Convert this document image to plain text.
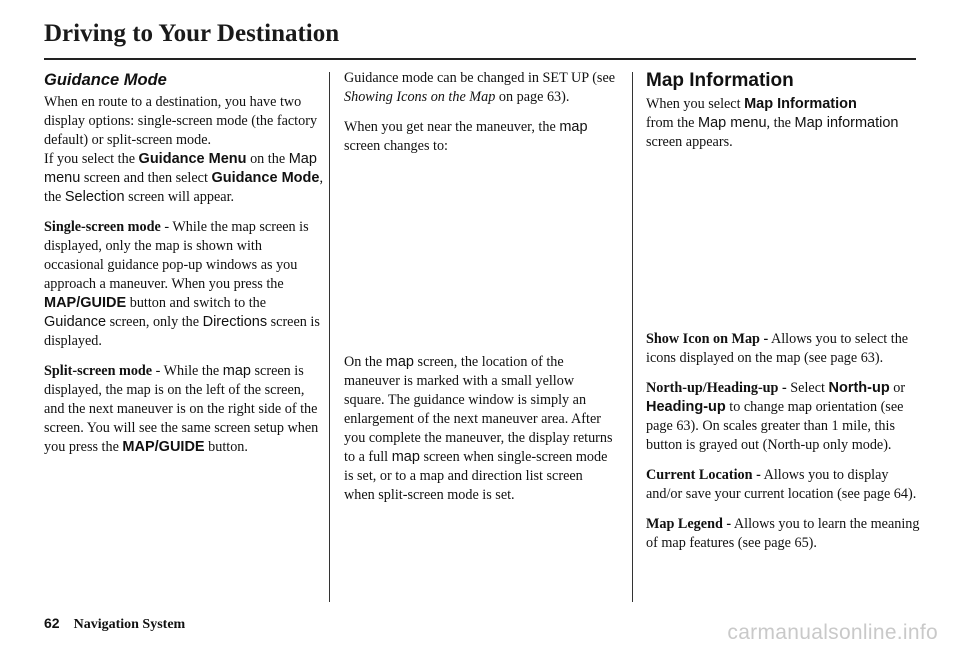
Driving to Your Destination
Guidance Mode

When en route to a destination, you have two display options: single-screen mode (the factory default) or split-screen mode.
If you select the Guidance Menu on the Map menu screen and then select Guidance Mode, the Selection screen will appear.

Single-screen mode - While the map screen is displayed, only the map is shown with occasional guidance pop-up windows as you approach a maneuver. When you press the MAP/GUIDE button and switch to the Guidance screen, only the Directions screen is displayed.

Split-screen mode - While the map screen is displayed, the map is on the left of the screen, and the next maneuver is on the right side of the screen. You will see the same screen setup when you press the MAP/GUIDE button.

Guidance mode can be changed in SET UP (see Showing Icons on the Map on page 63).

When you get near the maneuver, the map screen changes to:

On the map screen, the location of the maneuver is marked with a small yellow square. The guidance window is simply an enlargement of the next maneuver area. After you complete the maneuver, the display returns to a full map screen when single-screen mode is set, or to a map and direction list screen when split-screen mode is set.

Map Information

When you select Map Information
from the Map menu, the Map information screen appears.

Show Icon on Map - Allows you to select the icons displayed on the map (see page 63).

North-up/Heading-up - Select North-up or Heading-up to change map orientation (see page 63). On scales greater than 1 mile, this button is grayed out (North-up only mode).

Current Location - Allows you to display and/or save your current location (see page 64).

Map Legend - Allows you to learn the meaning of map features (see page 65).

62 Navigation System	carmanualsonline.info
